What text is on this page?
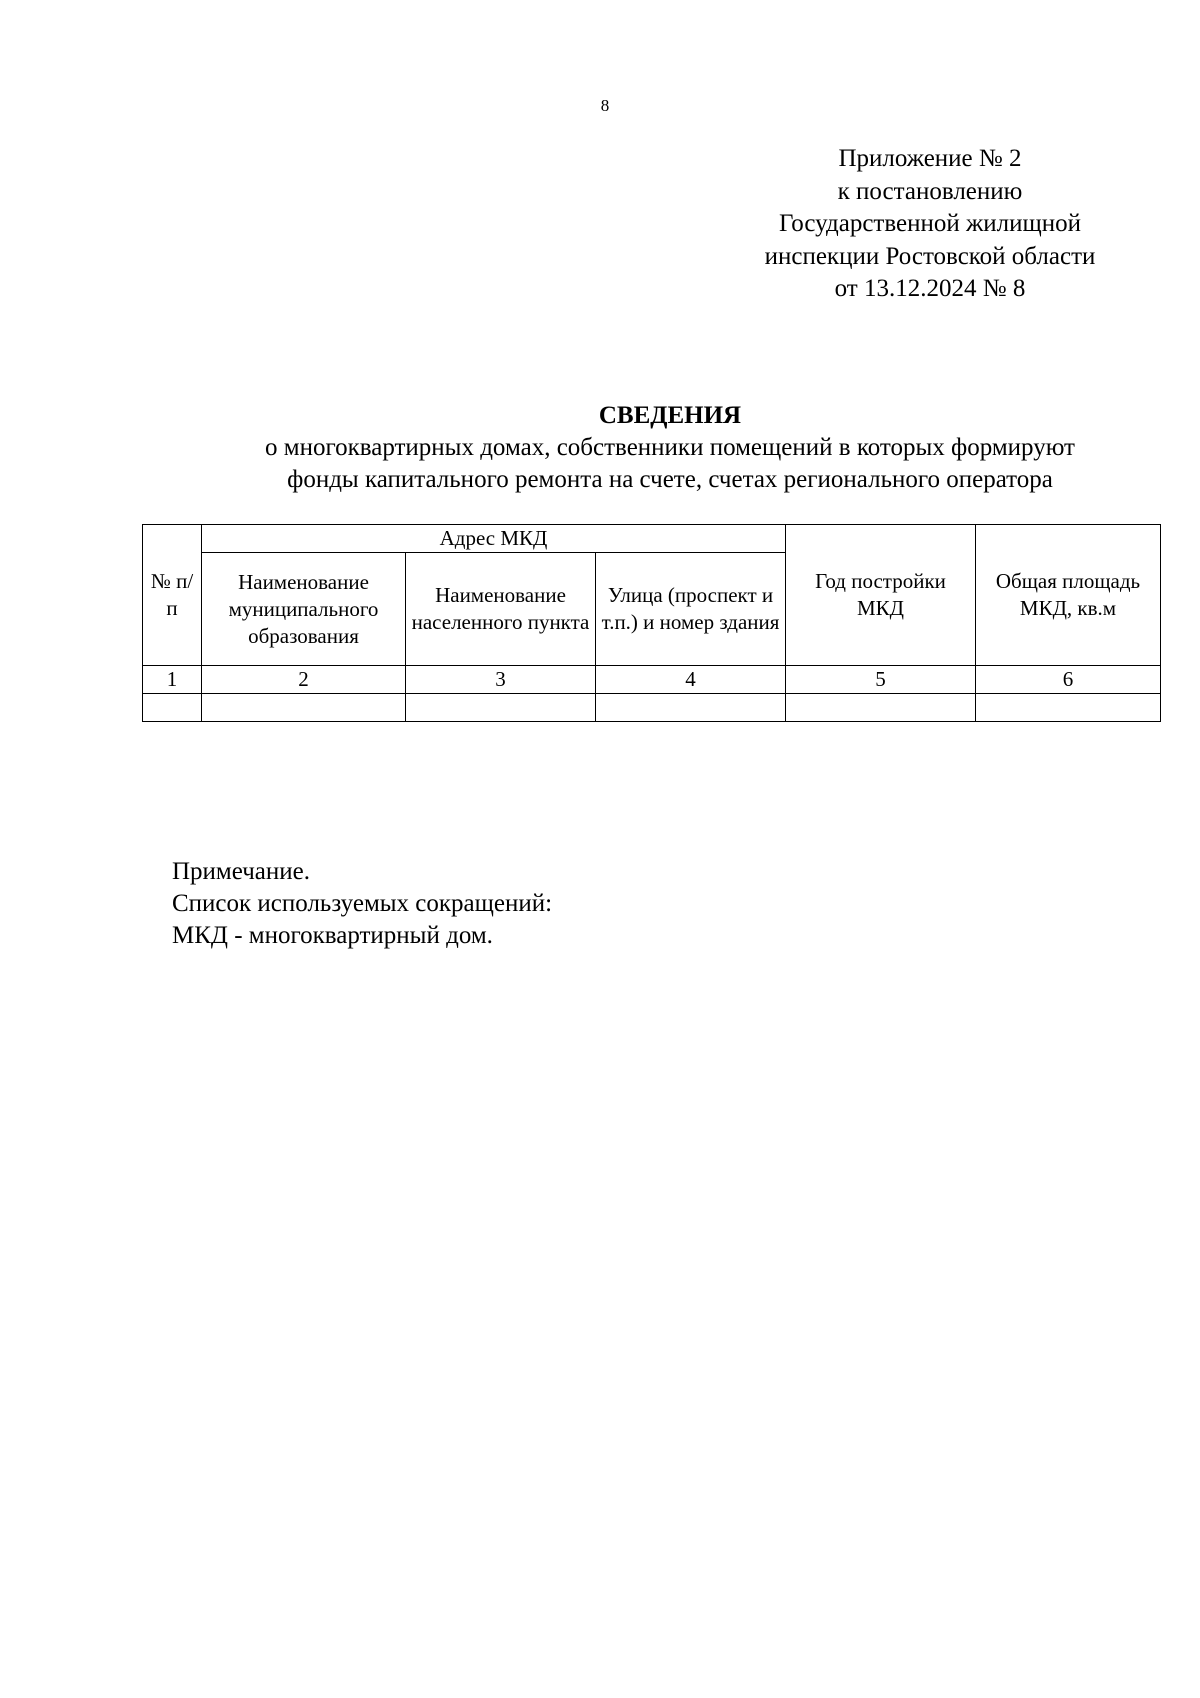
8
Приложение № 2
к постановлению
Государственной жилищной
инспекции Ростовской области
от 13.12.2024 № 8
СВЕДЕНИЯ
о многоквартирных домах, собственники помещений в которых формируют
фонды капитального ремонта на счете, счетах регионального оператора
№ п/п	Адрес МКД			Год постройки МКД	Общая площадь МКД, кв.м
	Наименование муниципального образования	Наименование населенного пункта	Улица (проспект и т.п.) и номер здания		
1	2	3	4	5	6

Примечание.
Список используемых сокращений:
МКД - многоквартирный дом.
